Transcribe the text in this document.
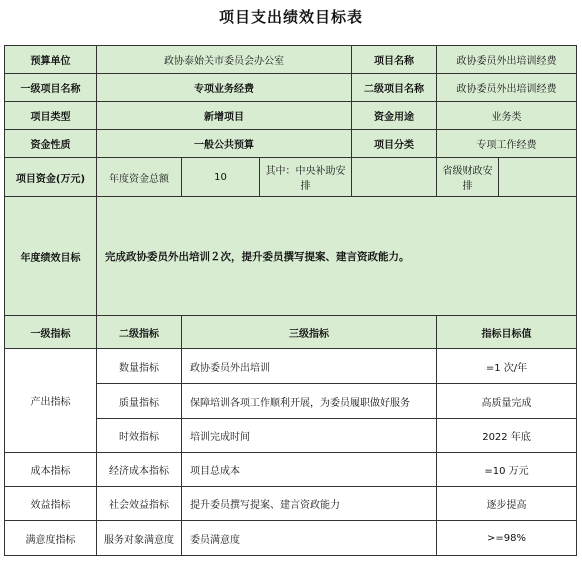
项目支出绩效目标表
预算单位	政协泰始关市委员会办公室			项目名称	政协委员外出培训经费	
一级项目名称	专项业务经费			二级项目名称	政协委员外出培训经费	
项目类型	新增项目			资金用途	业务类	
资金性质	一般公共预算			项目分类	专项工作经费	
项目资金(万元)	年度资金总额	10	其中：中央补助安排		省级财政安排	
年度绩效目标	完成政协委员外出培训２次，提升委员撰写提案、建言资政能力。					
一级指标	二级指标	三级指标			指标目标值	
产出指标	数量指标	政协委员外出培训			=1 次/年	
	质量指标	保障培训各项工作顺利开展，为委员履职做好服务			高质量完成	
	时效指标	培训完成时间			2022 年底	
成本指标	经济成本指标	项目总成本			=10 万元	
效益指标	社会效益指标	提升委员撰写提案、建言资政能力			逐步提高	
满意度指标	服务对象满意度	委员满意度			>=98%	
